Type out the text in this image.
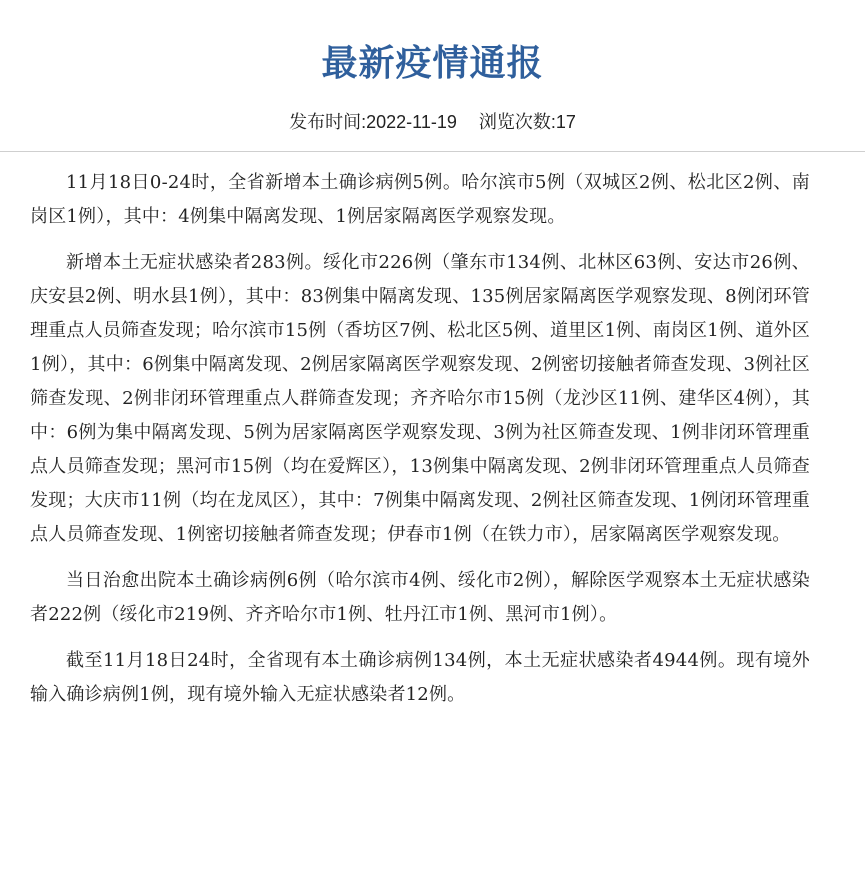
最新疫情通报
发布时间:2022-11-19 浏览次数:17

11月18日0-24时，全省新增本土确诊病例5例。哈尔滨市5例（双城区2例、松北区2例、南岗区1例），其中：4例集中隔离发现、1例居家隔离医学观察发现。

新增本土无症状感染者283例。绥化市226例（肇东市134例、北林区63例、安达市26例、庆安县2例、明水县1例），其中：83例集中隔离发现、135例居家隔离医学观察发现、8例闭环管理重点人员筛查发现；哈尔滨市15例（香坊区7例、松北区5例、道里区1例、南岗区1例、道外区1例），其中：6例集中隔离发现、2例居家隔离医学观察发现、2例密切接触者筛查发现、3例社区筛查发现、2例非闭环管理重点人群筛查发现；齐齐哈尔市15例（龙沙区11例、建华区4例），其中：6例为集中隔离发现、5例为居家隔离医学观察发现、3例为社区筛查发现、1例非闭环管理重点人员筛查发现；黑河市15例（均在爱辉区），13例集中隔离发现、2例非闭环管理重点人员筛查发现；大庆市11例（均在龙凤区），其中：7例集中隔离发现、2例社区筛查发现、1例闭环管理重点人员筛查发现、1例密切接触者筛查发现；伊春市1例（在铁力市），居家隔离医学观察发现。

当日治愈出院本土确诊病例6例（哈尔滨市4例、绥化市2例），解除医学观察本土无症状感染者222例（绥化市219例、齐齐哈尔市1例、牡丹江市1例、黑河市1例）。

截至11月18日24时，全省现有本土确诊病例134例，本土无症状感染者4944例。现有境外输入确诊病例1例，现有境外输入无症状感染者12例。
